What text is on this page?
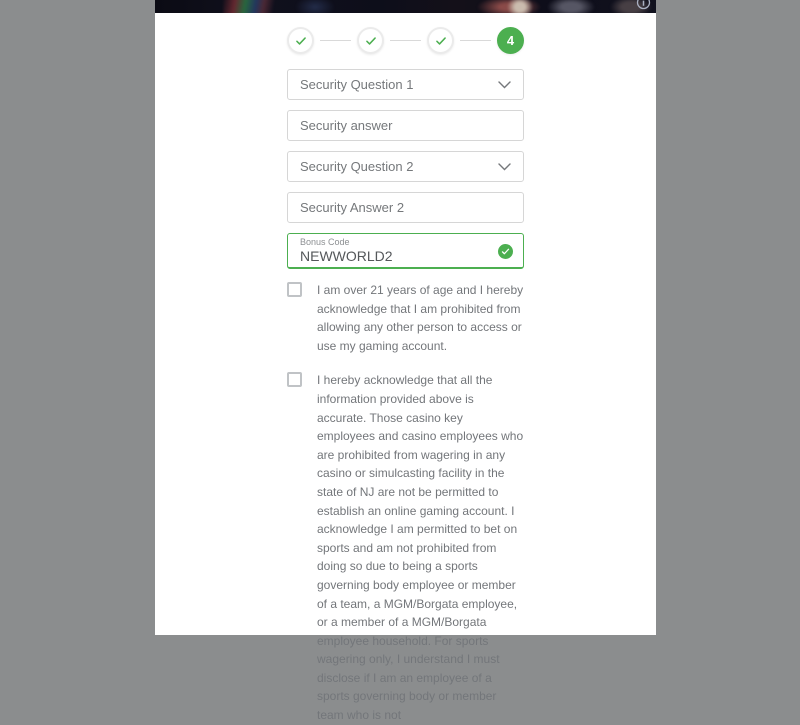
4
Security Question 1
Security answer
Security Question 2
Security Answer 2
Bonus Code
NEWWORLD2
I am over 21 years of age and I hereby acknowledge that I am prohibited from allowing any other person to access or use my gaming account.
I hereby acknowledge that all the information provided above is accurate. Those casino key employees and casino employees who are prohibited from wagering in any casino or simulcasting facility in the state of NJ are not be permitted to establish an online gaming account. I acknowledge I am permitted to bet on sports and am not prohibited from doing so due to being a sports governing body employee or member of a team, a MGM/Borgata employee, or a member of a MGM/Borgata employee household. For sports wagering only, I understand I must disclose if I am an employee of a sports governing body or member team who is not
